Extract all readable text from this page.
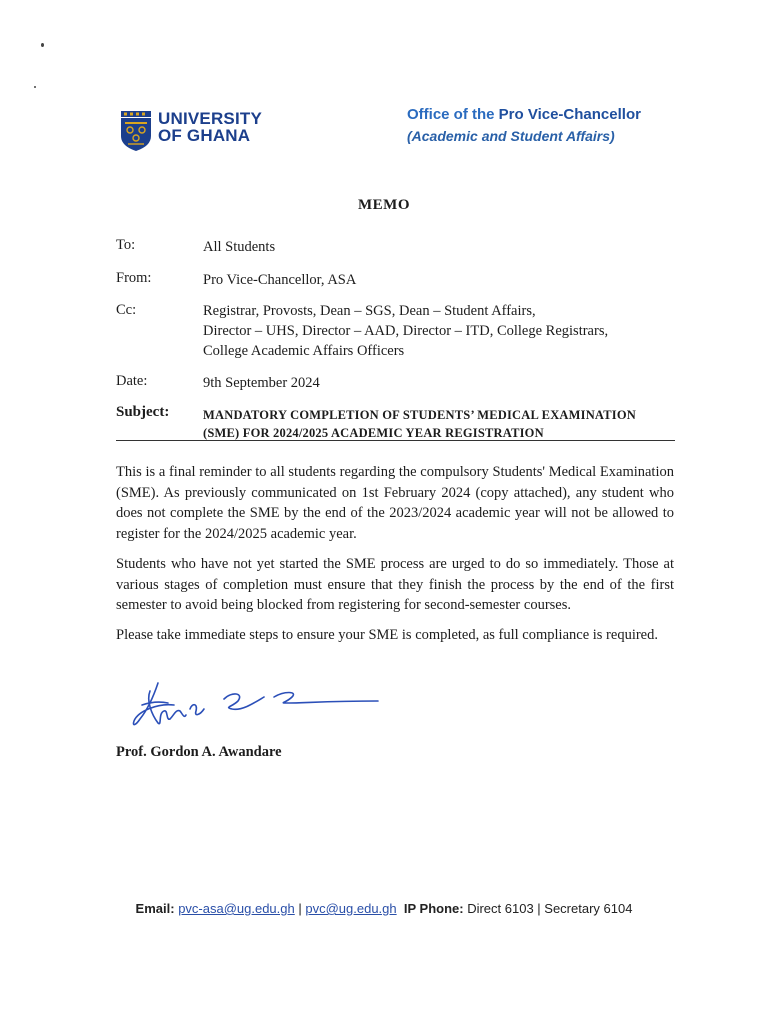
UNIVERSITY
OF GHANA
Office of the Pro Vice-Chancellor
(Academic and Student Affairs)
MEMO
To:	All Students
From:	Pro Vice-Chancellor, ASA
Cc:	Registrar, Provosts, Dean – SGS, Dean – Student Affairs,
Director – UHS, Director – AAD, Director – ITD, College Registrars,
College Academic Affairs Officers
Date:	9th September 2024
Subject:	MANDATORY COMPLETION OF STUDENTS’ MEDICAL EXAMINATION
(SME) FOR 2024/2025 ACADEMIC YEAR REGISTRATION
This is a final reminder to all students regarding the compulsory Students' Medical Examination (SME). As previously communicated on 1st February 2024 (copy attached), any student who does not complete the SME by the end of the 2023/2024 academic year will not be allowed to register for the 2024/2025 academic year.
Students who have not yet started the SME process are urged to do so immediately. Those at various stages of completion must ensure that they finish the process by the end of the first semester to avoid being blocked from registering for second-semester courses.
Please take immediate steps to ensure your SME is completed, as full compliance is required.
Prof. Gordon A. Awandare
Email: pvc-asa@ug.edu.gh | pvc@ug.edu.gh IP Phone: Direct 6103 | Secretary 6104
